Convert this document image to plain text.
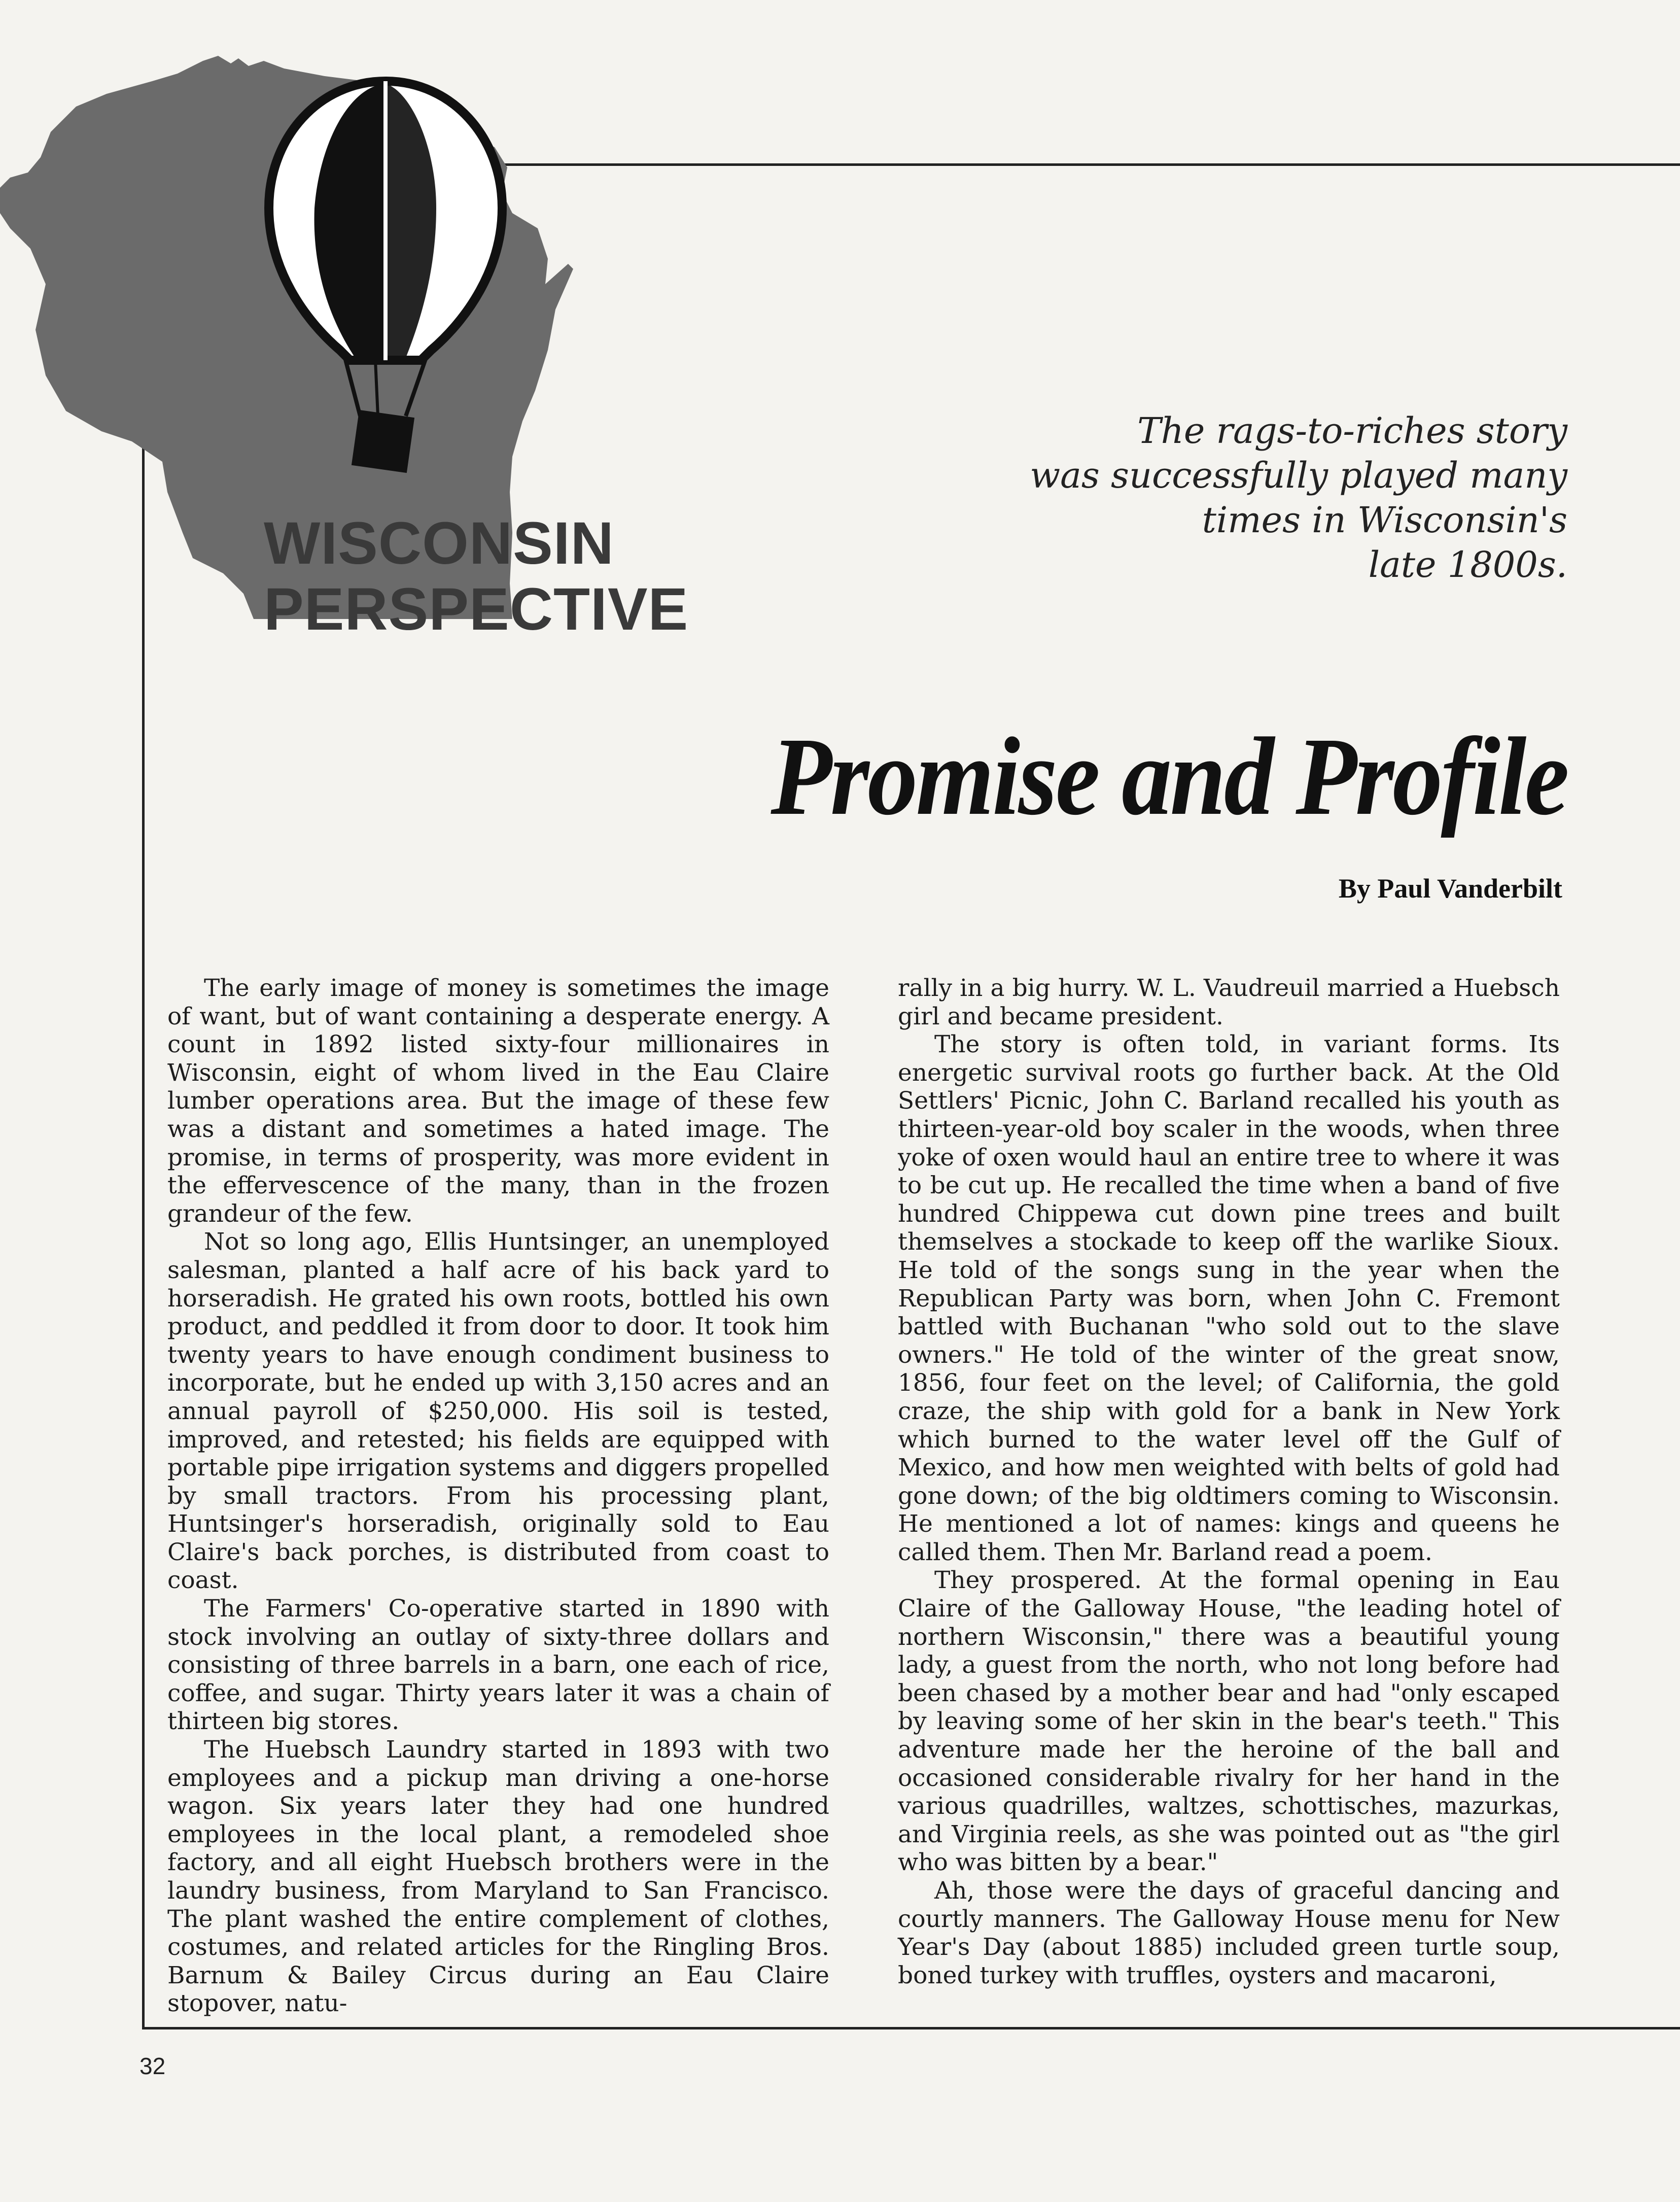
WISCONSIN
PERSPECTIVE
The rags-to-riches story
was successfully played many
times in Wisconsin's
late 1800s.
Promise and Profile
By Paul Vanderbilt

The early image of money is sometimes the image of want, but of want containing a desperate energy. A count in 1892 listed sixty-four millionaires in Wisconsin, eight of whom lived in the Eau Claire lumber operations area. But the image of these few was a distant and sometimes a hated image. The promise, in terms of prosperity, was more evident in the effervescence of the many, than in the frozen grandeur of the few.

Not so long ago, Ellis Huntsinger, an unemployed salesman, planted a half acre of his back yard to horseradish. He grated his own roots, bottled his own product, and peddled it from door to door. It took him twenty years to have enough condiment business to incorporate, but he ended up with 3,150 acres and an annual payroll of $250,000. His soil is tested, improved, and retested; his fields are equipped with portable pipe irrigation systems and diggers propelled by small tractors. From his processing plant, Huntsinger's horseradish, originally sold to Eau Claire's back porches, is distributed from coast to coast.

The Farmers' Co-operative started in 1890 with stock involving an outlay of sixty-three dollars and consisting of three barrels in a barn, one each of rice, coffee, and sugar. Thirty years later it was a chain of thirteen big stores.

The Huebsch Laundry started in 1893 with two employees and a pickup man driving a one-horse wagon. Six years later they had one hundred employees in the local plant, a remodeled shoe factory, and all eight Huebsch brothers were in the laundry business, from Maryland to San Francisco. The plant washed the entire complement of clothes, costumes, and related articles for the Ringling Bros. Barnum & Bailey Circus during an Eau Claire stopover, natu-

rally in a big hurry. W. L. Vaudreuil married a Huebsch girl and became president.

The story is often told, in variant forms. Its energetic survival roots go further back. At the Old Settlers' Picnic, John C. Barland recalled his youth as thirteen-year-old boy scaler in the woods, when three yoke of oxen would haul an entire tree to where it was to be cut up. He recalled the time when a band of five hundred Chippewa cut down pine trees and built themselves a stockade to keep off the warlike Sioux. He told of the songs sung in the year when the Republican Party was born, when John C. Fremont battled with Buchanan "who sold out to the slave owners." He told of the winter of the great snow, 1856, four feet on the level; of California, the gold craze, the ship with gold for a bank in New York which burned to the water level off the Gulf of Mexico, and how men weighted with belts of gold had gone down; of the big oldtimers coming to Wisconsin. He mentioned a lot of names: kings and queens he called them. Then Mr. Barland read a poem.

They prospered. At the formal opening in Eau Claire of the Galloway House, "the leading hotel of northern Wisconsin," there was a beautiful young lady, a guest from the north, who not long before had been chased by a mother bear and had "only escaped by leaving some of her skin in the bear's teeth." This adventure made her the heroine of the ball and occasioned considerable rivalry for her hand in the various quadrilles, waltzes, schottisches, mazurkas, and Virginia reels, as she was pointed out as "the girl who was bitten by a bear."

Ah, those were the days of graceful dancing and courtly manners. The Galloway House menu for New Year's Day (about 1885) included green turtle soup, boned turkey with truffles, oysters and macaroni,

32
